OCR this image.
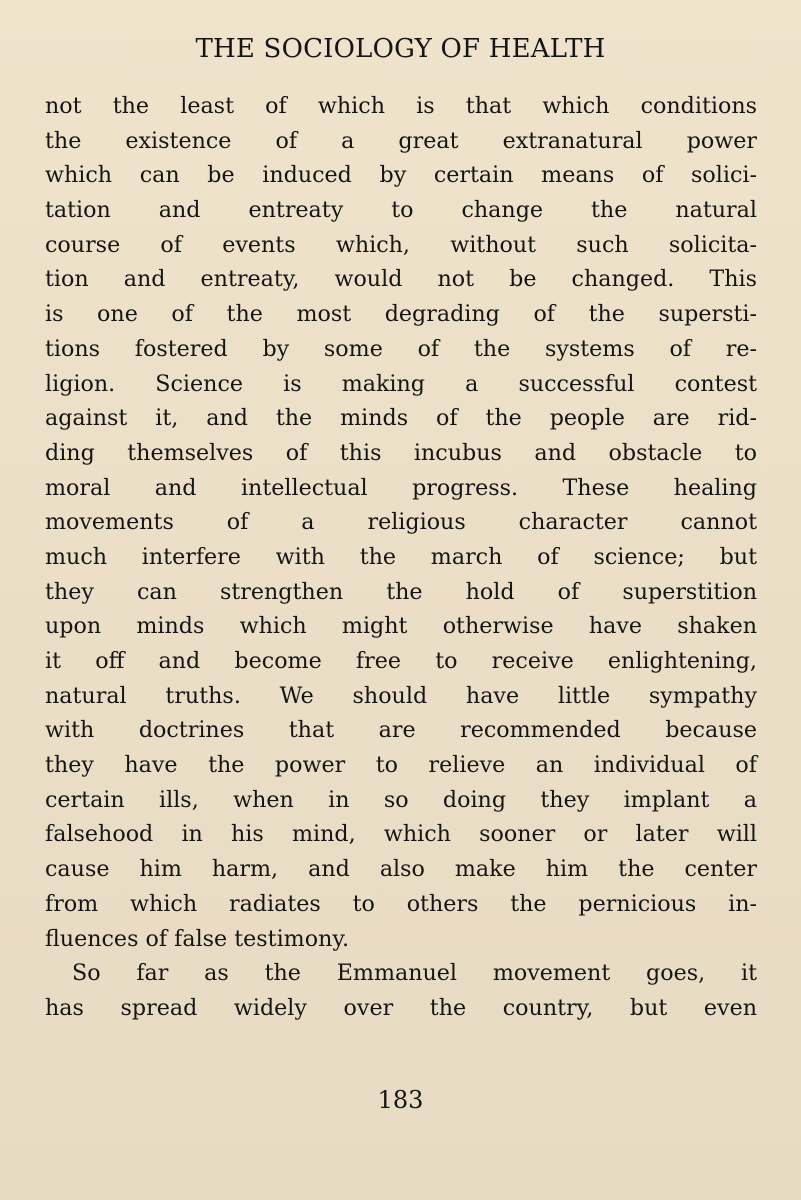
THE SOCIOLOGY OF HEALTH
not the least of which is that which conditions
the existence of a great extranatural power
which can be induced by certain means of solici-
tation and entreaty to change the natural
course of events which, without such solicita-
tion and entreaty, would not be changed. This
is one of the most degrading of the supersti-
tions fostered by some of the systems of re-
ligion. Science is making a successful contest
against it, and the minds of the people are rid-
ding themselves of this incubus and obstacle to
moral and intellectual progress. These healing
movements of a religious character cannot
much interfere with the march of science; but
they can strengthen the hold of superstition
upon minds which might otherwise have shaken
it off and become free to receive enlightening,
natural truths. We should have little sympathy
with doctrines that are recommended because
they have the power to relieve an individual of
certain ills, when in so doing they implant a
falsehood in his mind, which sooner or later will
cause him harm, and also make him the center
from which radiates to others the pernicious in-
fluences of false testimony.
So far as the Emmanuel movement goes, it
has spread widely over the country, but even
183
